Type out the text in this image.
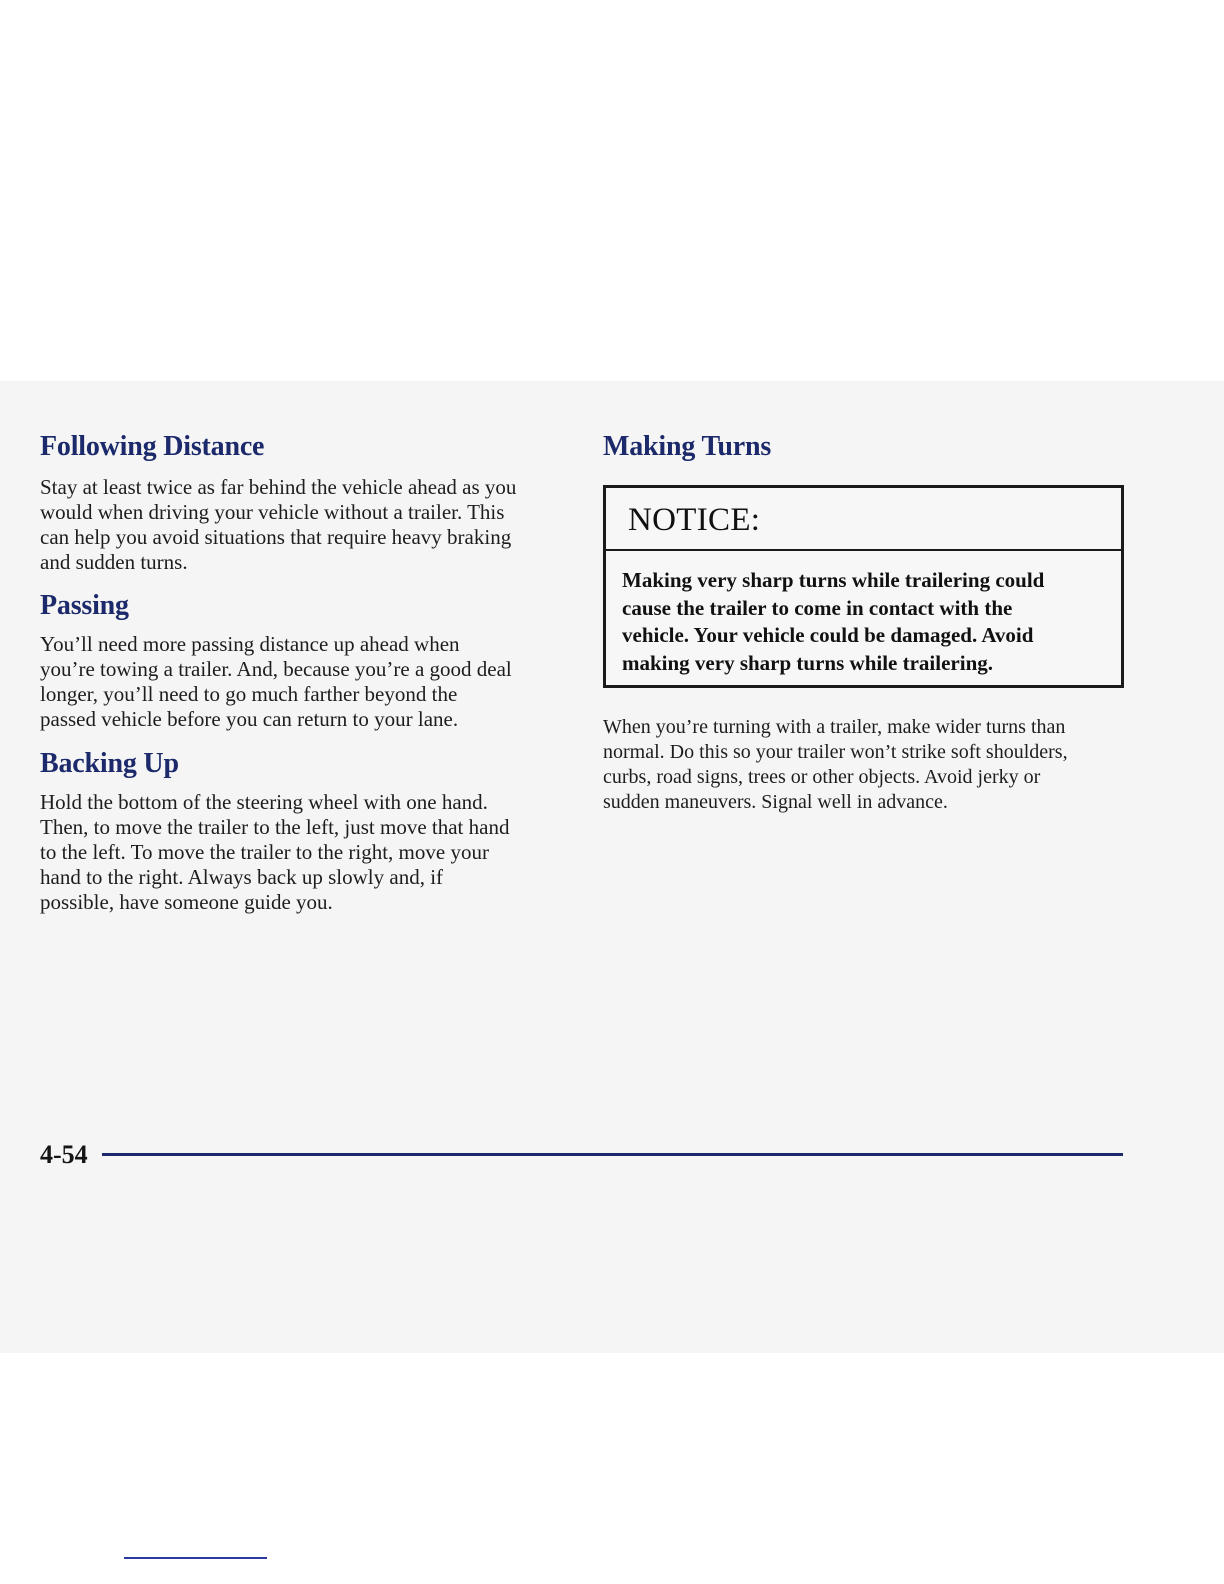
Following Distance

Stay at least twice as far behind the vehicle ahead as you
would when driving your vehicle without a trailer. This
can help you avoid situations that require heavy braking
and sudden turns.

Passing

You’ll need more passing distance up ahead when
you’re towing a trailer. And, because you’re a good deal
longer, you’ll need to go much farther beyond the
passed vehicle before you can return to your lane.

Backing Up

Hold the bottom of the steering wheel with one hand.
Then, to move the trailer to the left, just move that hand
to the left. To move the trailer to the right, move your
hand to the right. Always back up slowly and, if
possible, have someone guide you.

Making Turns
NOTICE:

Making very sharp turns while trailering could
cause the trailer to come in contact with the
vehicle. Your vehicle could be damaged. Avoid
making very sharp turns while trailering.

When you’re turning with a trailer, make wider turns than
normal. Do this so your trailer won’t strike soft shoulders,
curbs, road signs, trees or other objects. Avoid jerky or
sudden maneuvers. Signal well in advance.

4-54
